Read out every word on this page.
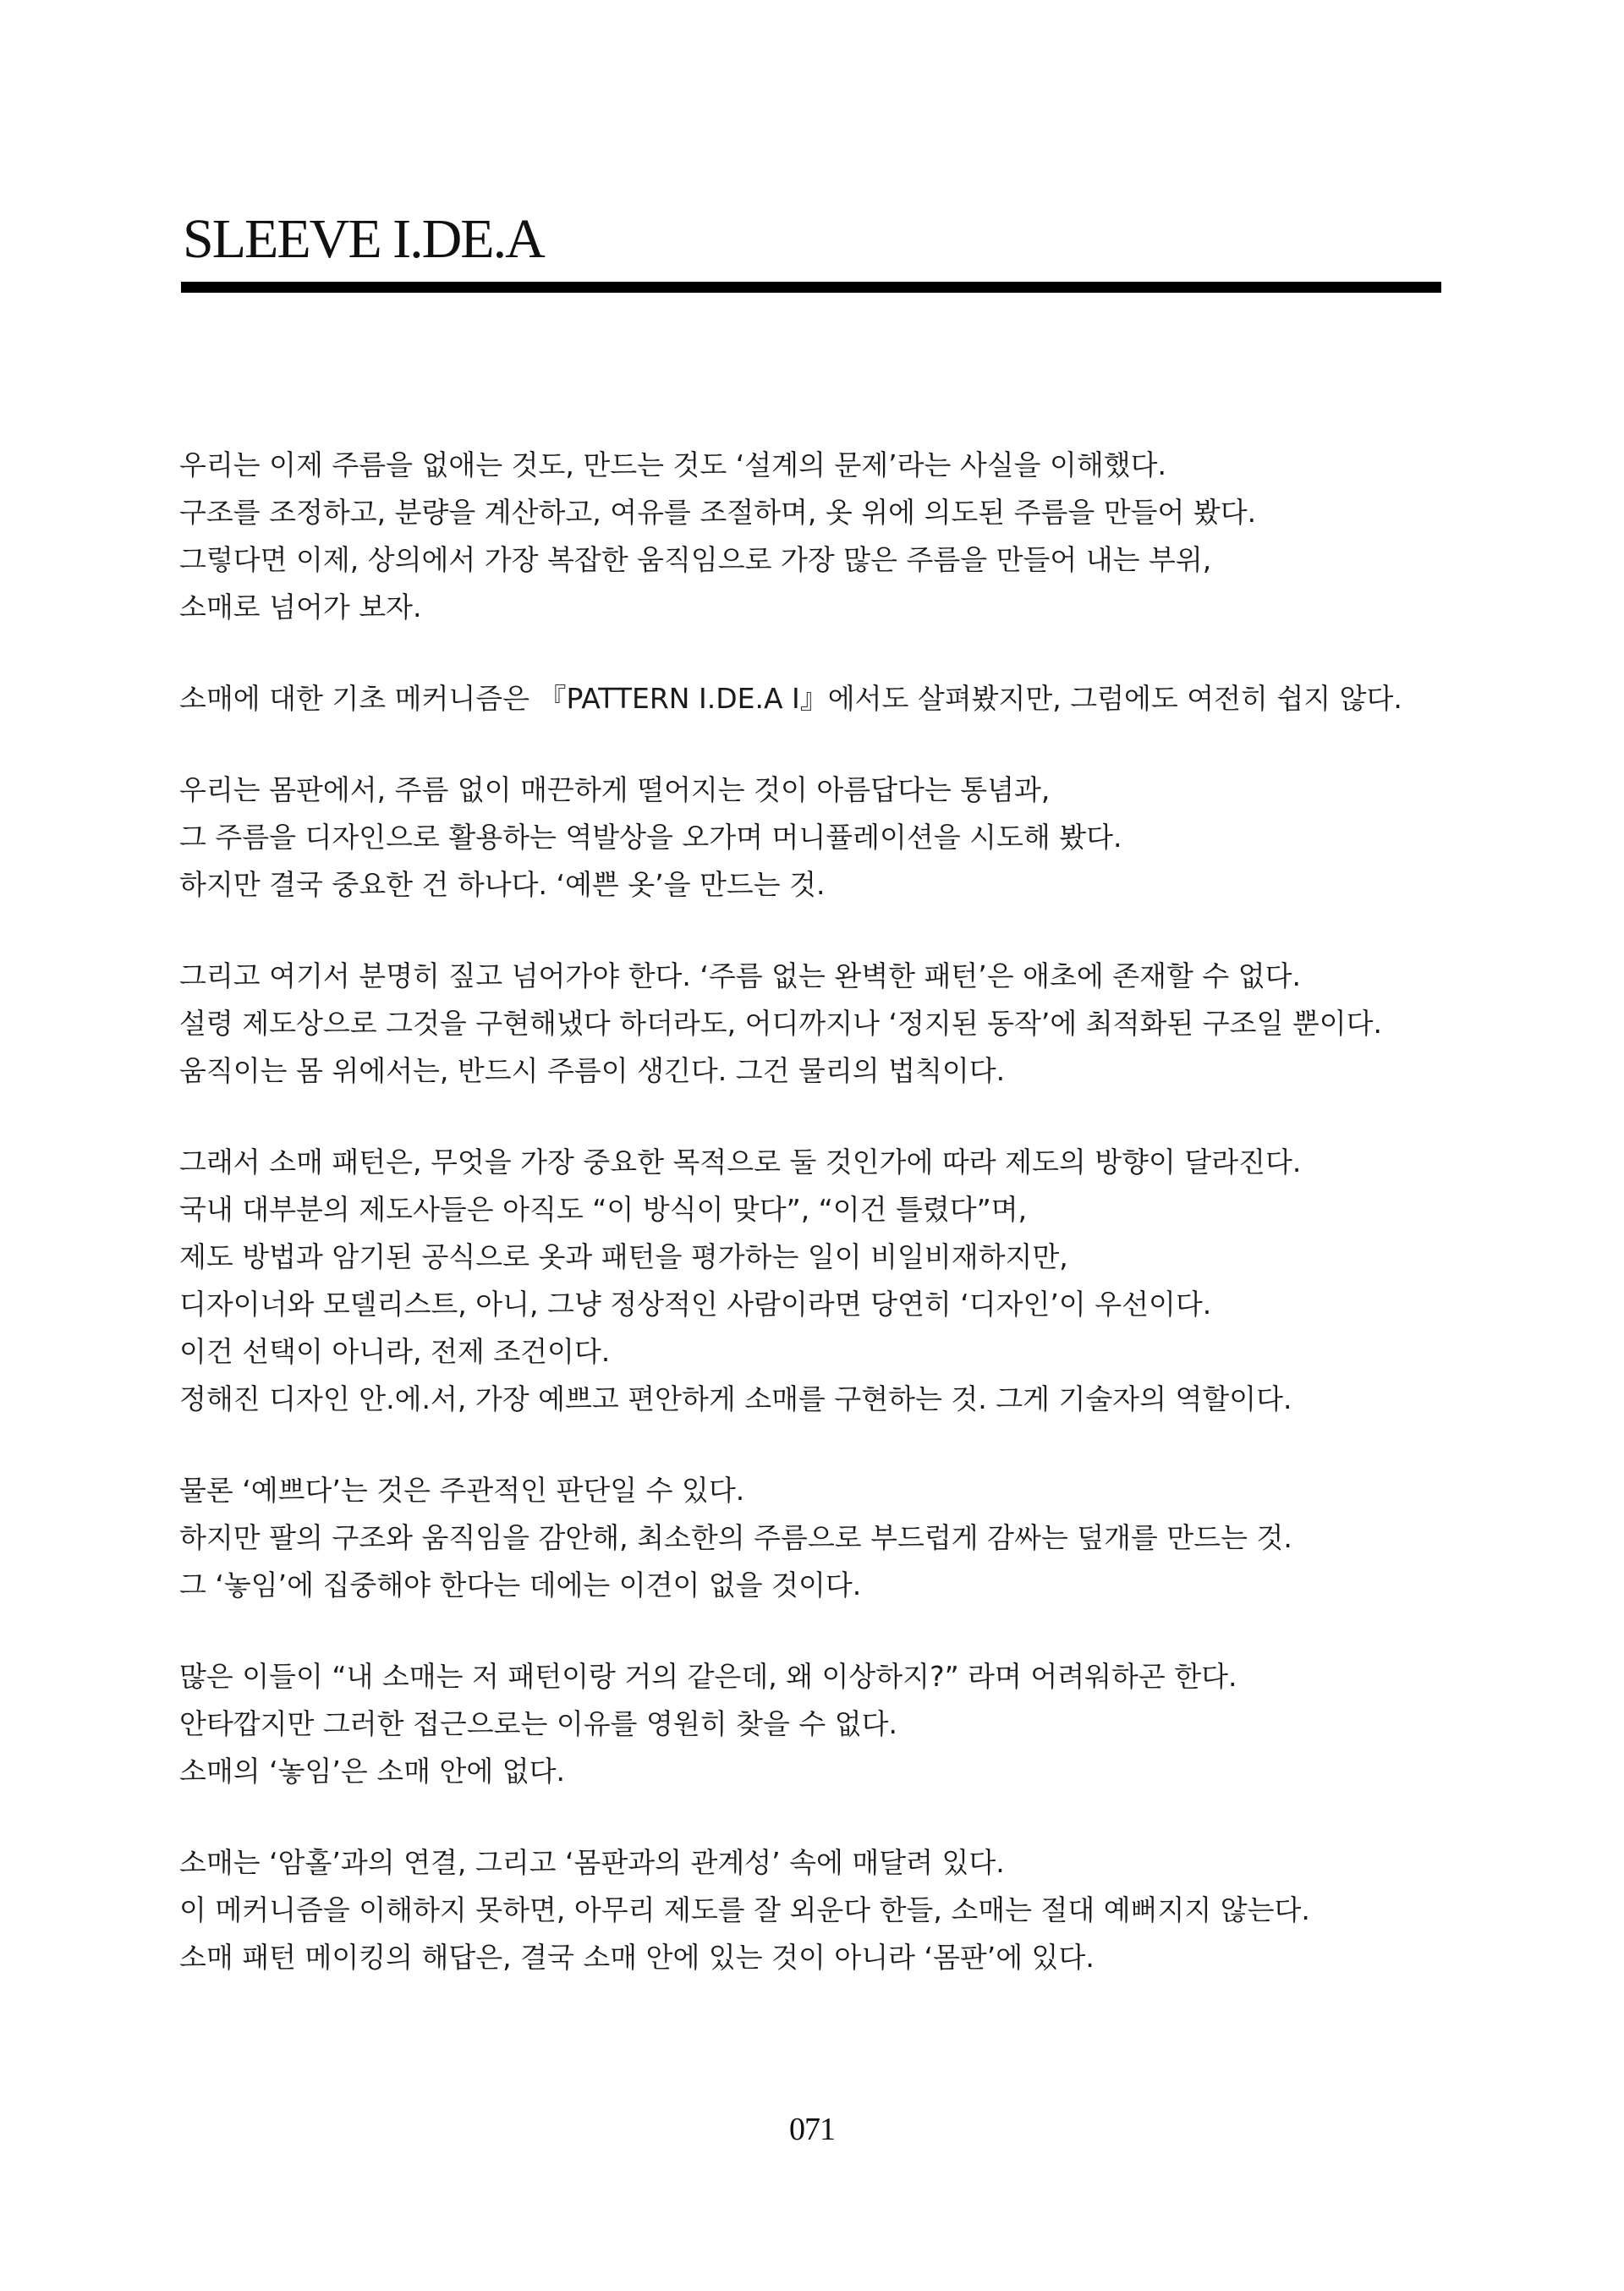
SLEEVE I.DE.A

우리는 이제 주름을 없애는 것도, 만드는 것도 ‘설계의 문제’라는 사실을 이해했다.
구조를 조정하고, 분량을 계산하고, 여유를 조절하며, 옷 위에 의도된 주름을 만들어 봤다.
그렇다면 이제, 상의에서 가장 복잡한 움직임으로 가장 많은 주름을 만들어 내는 부위,
소매로 넘어가 보자.

소매에 대한 기초 메커니즘은 『PATTERN I.DE.A I』에서도 살펴봤지만, 그럼에도 여전히 쉽지 않다.

우리는 몸판에서, 주름 없이 매끈하게 떨어지는 것이 아름답다는 통념과,
그 주름을 디자인으로 활용하는 역발상을 오가며 머니퓰레이션을 시도해 봤다.
하지만 결국 중요한 건 하나다. ‘예쁜 옷’을 만드는 것.

그리고 여기서 분명히 짚고 넘어가야 한다. ‘주름 없는 완벽한 패턴’은 애초에 존재할 수 없다.
설령 제도상으로 그것을 구현해냈다 하더라도, 어디까지나 ‘정지된 동작’에 최적화된 구조일 뿐이다.
움직이는 몸 위에서는, 반드시 주름이 생긴다. 그건 물리의 법칙이다.

그래서 소매 패턴은, 무엇을 가장 중요한 목적으로 둘 것인가에 따라 제도의 방향이 달라진다.
국내 대부분의 제도사들은 아직도 “이 방식이 맞다”, “이건 틀렸다”며,
제도 방법과 암기된 공식으로 옷과 패턴을 평가하는 일이 비일비재하지만,
디자이너와 모델리스트, 아니, 그냥 정상적인 사람이라면 당연히 ‘디자인’이 우선이다.
이건 선택이 아니라, 전제 조건이다.
정해진 디자인 안.에.서, 가장 예쁘고 편안하게 소매를 구현하는 것. 그게 기술자의 역할이다.

물론 ‘예쁘다’는 것은 주관적인 판단일 수 있다.
하지만 팔의 구조와 움직임을 감안해, 최소한의 주름으로 부드럽게 감싸는 덮개를 만드는 것.
그 ‘놓임’에 집중해야 한다는 데에는 이견이 없을 것이다.

많은 이들이 “내 소매는 저 패턴이랑 거의 같은데, 왜 이상하지?” 라며 어려워하곤 한다.
안타깝지만 그러한 접근으로는 이유를 영원히 찾을 수 없다.
소매의 ‘놓임’은 소매 안에 없다.

소매는 ‘암홀’과의 연결, 그리고 ‘몸판과의 관계성’ 속에 매달려 있다.
이 메커니즘을 이해하지 못하면, 아무리 제도를 잘 외운다 한들, 소매는 절대 예뻐지지 않는다.
소매 패턴 메이킹의 해답은, 결국 소매 안에 있는 것이 아니라 ‘몸판’에 있다.

071
